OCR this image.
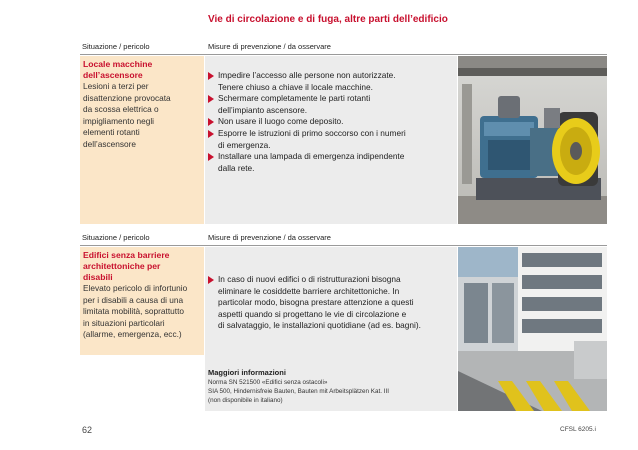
Vie di circolazione e di fuga, altre parti dell’edificio
Situazione / pericolo	Misure di prevenzione / da osservare
Locale macchine
dell’ascensore
Lesioni a terzi per
disattenzione provocata
da scossa elettrica o
impigliamento negli
elementi rotanti
dell’ascensore
Impedire l’accesso alle persone non autorizzate.
Tenere chiuso a chiave il locale macchine.
Schermare completamente le parti rotanti
dell’impianto ascensore.
Non usare il luogo come deposito.
Esporre le istruzioni di primo soccorso con i numeri
di emergenza.
Installare una lampada di emergenza indipendente
dalla rete.
Situazione / pericolo	Misure di prevenzione / da osservare
Edifici senza barriere
architettoniche per
disabili
Elevato pericolo di infortunio
per i disabili a causa di una
limitata mobilità, soprattutto
in situazioni particolari
(allarme, emergenza, ecc.)
In caso di nuovi edifici o di ristrutturazioni bisogna
eliminare le cosiddette barriere architettoniche. In
particolar modo, bisogna prestare attenzione a questi
aspetti quando si progettano le vie di circolazione e
di salvataggio, le installazioni quotidiane (ad es. bagni).
Maggiori informazioni
Norma SN 521500 «Edifici senza ostacoli»
SIA 500, Hindernisfreie Bauten, Bauten mit Arbeitsplätzen Kat. III
(non disponibile in italiano)
62	CFSL 6205.i
